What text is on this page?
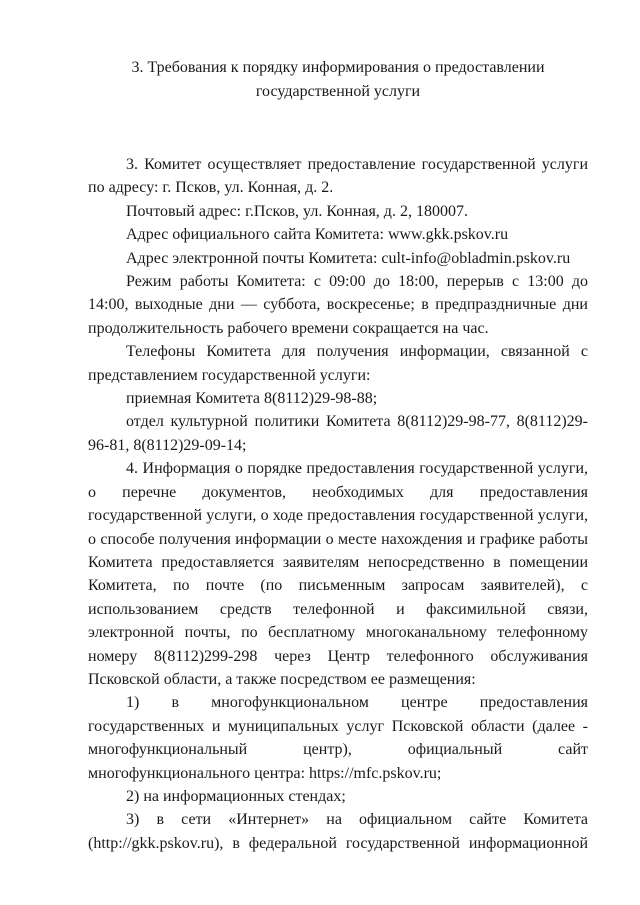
3. Требования к порядку информирования о предоставлении
государственной услуги

3. Комитет осуществляет предоставление государственной услуги по адресу: г. Псков, ул. Конная, д. 2.

Почтовый адрес: г.Псков, ул. Конная, д. 2, 180007.

Адрес официального сайта Комитета: www.gkk.pskov.ru

Адрес электронной почты Комитета: cult-info@obladmin.pskov.ru

Режим работы Комитета: с 09:00 до 18:00, перерыв с 13:00 до 14:00, выходные дни — суббота, воскресенье; в предпраздничные дни продолжительность рабочего времени сокращается на час.

Телефоны Комитета для получения информации, связанной с представлением государственной услуги:

приемная Комитета 8(8112)29-98-88;

отдел культурной политики Комитета 8(8112)29-98-77, 8(8112)29-96-81, 8(8112)29-09-14;

4. Информация о порядке предоставления государственной услуги, о перечне документов, необходимых для предоставления государственной услуги, о ходе предоставления государственной услуги, о способе получения информации о месте нахождения и графике работы Комитета предоставляется заявителям непосредственно в помещении Комитета, по почте (по письменным запросам заявителей), с использованием средств телефонной и факсимильной связи, электронной почты, по бесплатному многоканальному телефонному номеру 8(8112)299-298 через Центр телефонного обслуживания Псковской области, а также посредством ее размещения:

1) в многофункциональном центре предоставления государственных и муниципальных услуг Псковской области (далее - многофункциональный центр), официальный сайт многофункционального центра: https://mfc.pskov.ru;

2) на информационных стендах;

3) в сети «Интернет» на официальном сайте Комитета (http://gkk.pskov.ru), в федеральной государственной информационной
